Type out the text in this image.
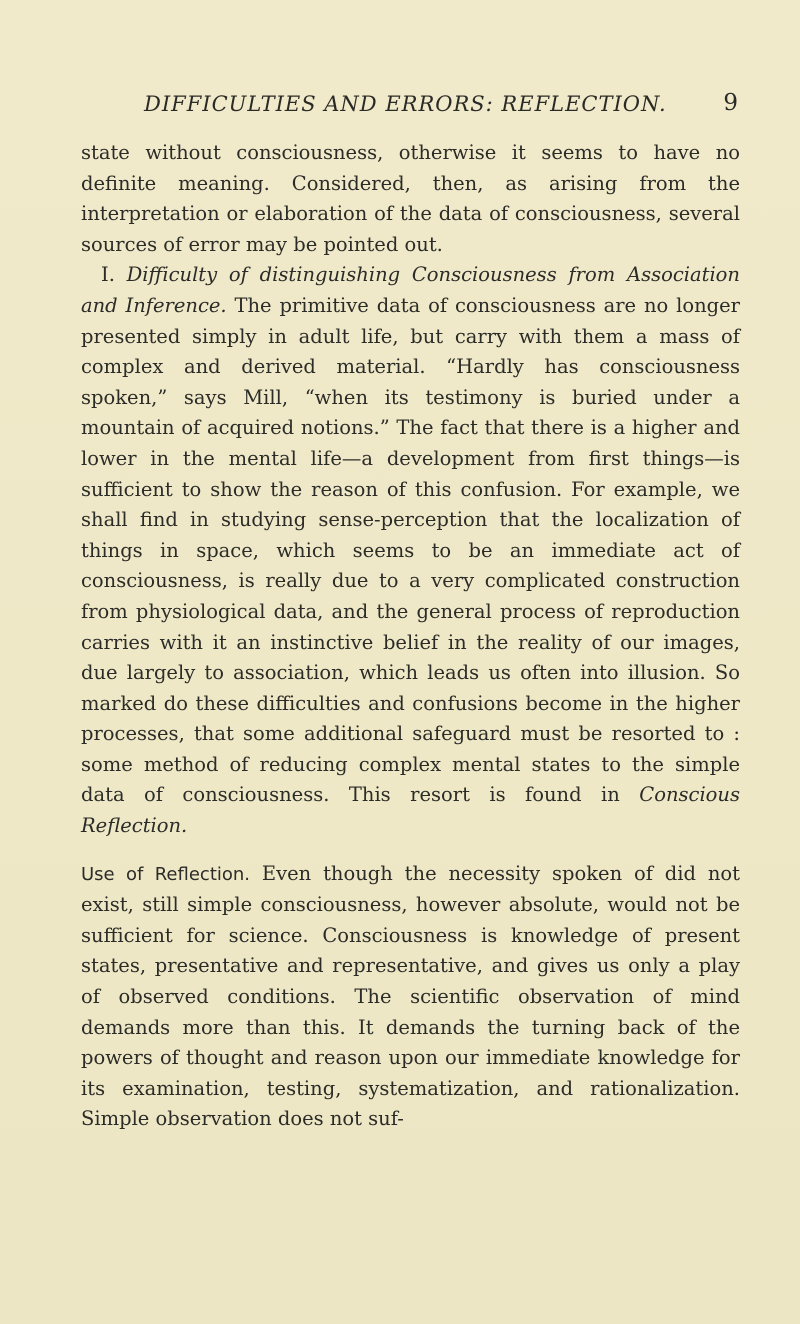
DIFFICULTIES AND ERRORS: REFLECTION. 9

state without consciousness, otherwise it seems to have no definite meaning. Considered, then, as arising from the interpretation or elaboration of the data of consciousness, several sources of error may be pointed out.

I. Difficulty of distinguishing Consciousness from Association and Inference. The primitive data of consciousness are no longer presented simply in adult life, but carry with them a mass of complex and derived material. “Hardly has consciousness spoken,” says Mill, “when its testimony is buried under a mountain of acquired notions.” The fact that there is a higher and lower in the mental life—a development from first things—is sufficient to show the reason of this confusion. For example, we shall find in studying sense-perception that the localization of things in space, which seems to be an immediate act of consciousness, is really due to a very complicated construction from physiological data, and the general process of reproduction carries with it an instinctive belief in the reality of our images, due largely to association, which leads us often into illusion. So marked do these difficulties and confusions become in the higher processes, that some additional safeguard must be resorted to : some method of reducing complex mental states to the simple data of consciousness. This resort is found in Conscious Reflection.

Use of Reflection. Even though the necessity spoken of did not exist, still simple consciousness, however absolute, would not be sufficient for science. Consciousness is knowledge of present states, presentative and representative, and gives us only a play of observed conditions. The scientific observation of mind demands more than this. It demands the turning back of the powers of thought and reason upon our immediate knowledge for its examination, testing, systematization, and rationalization. Simple observation does not suf-
